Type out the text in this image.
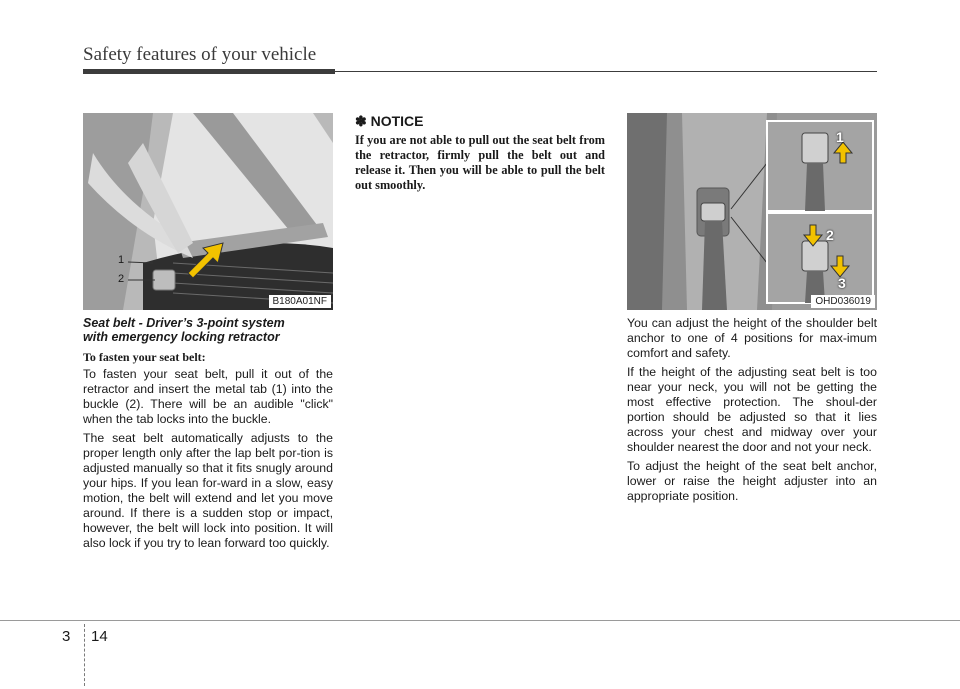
Safety features of your vehicle
1
2
B180A01NF
1
2
3
OHD036019
Seat belt - Driver’s 3-point system
with emergency locking retractor
To fasten your seat belt:

To fasten your seat belt, pull it out of the retractor and insert the metal tab (1) into the buckle (2). There will be an audible "click" when the tab locks into the buckle.

The seat belt automatically adjusts to the proper length only after the lap belt por-tion is adjusted manually so that it fits snugly around your hips. If you lean for-ward in a slow, easy motion, the belt will extend and let you move around. If there is a sudden stop or impact, however, the belt will lock into position. It will also lock if you try to lean forward too quickly.

✽ NOTICE
If you are not able to pull out the seat belt from the retractor, firmly pull the belt out and release it. Then you will be able to pull the belt out smoothly.

You can adjust the height of the shoulder belt anchor to one of 4 positions for max-imum comfort and safety.

If the height of the adjusting seat belt is too near your neck, you will not be getting the most effective protection. The shoul-der portion should be adjusted so that it lies across your chest and midway over your shoulder nearest the door and not your neck.

To adjust the height of the seat belt anchor, lower or raise the height adjuster into an appropriate position.

3 14
